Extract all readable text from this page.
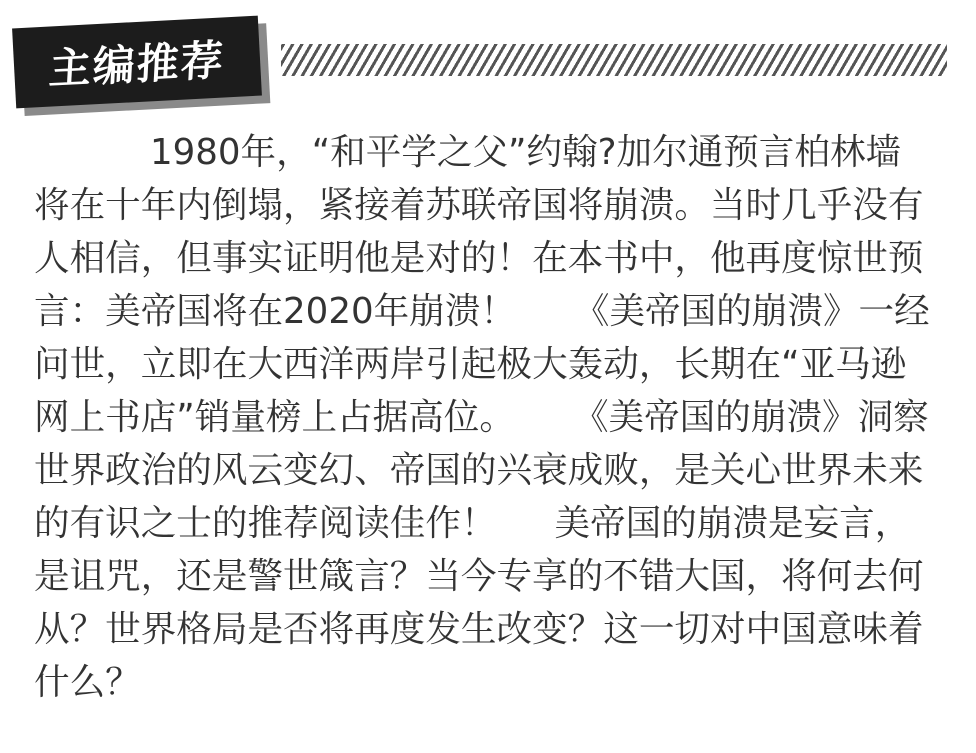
主编推荐

1980年，“和平学之父”约翰?加尔通预言柏林墙将在十年内倒塌，紧接着苏联帝国将崩溃。当时几乎没有人相信，但事实证明他是对的！在本书中，他再度惊世预言：美帝国将在2020年崩溃！ 《美帝国的崩溃》一经问世，立即在大西洋两岸引起极大轰动，长期在“亚马逊网上书店”销量榜上占据高位。 《美帝国的崩溃》洞察世界政治的风云变幻、帝国的兴衰成败，是关心世界未来的有识之士的推荐阅读佳作！ 美帝国的崩溃是妄言，是诅咒，还是警世箴言？当今专享的不错大国，将何去何从？世界格局是否将再度发生改变？这一切对中国意味着什么？
